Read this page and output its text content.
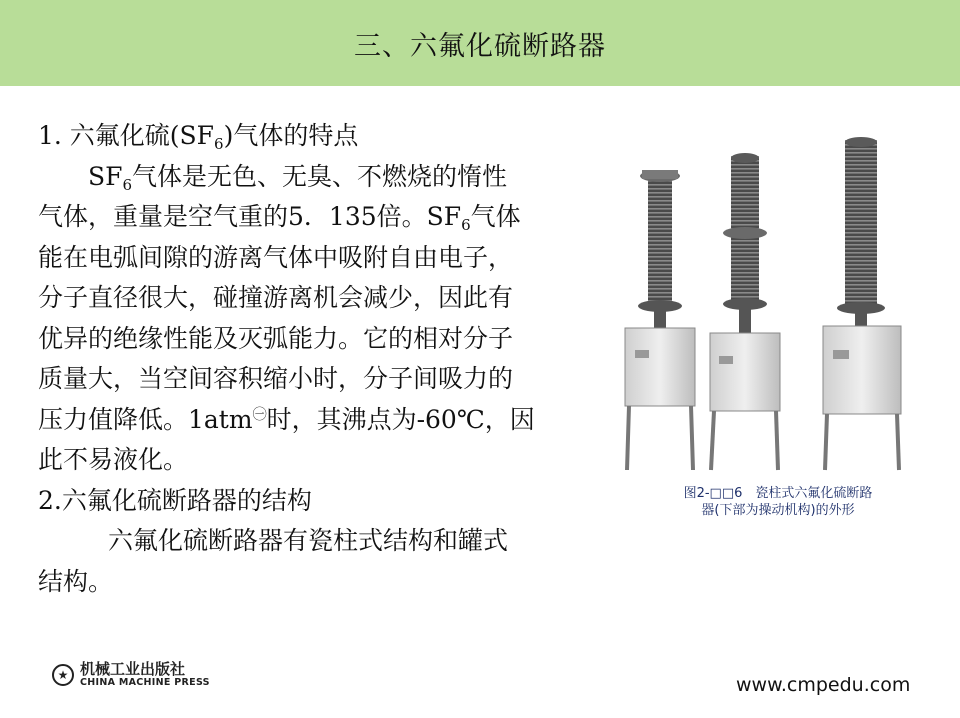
三、六氟化硫断路器

1. 六氟化硫$(SF_6)$气体的特点

$SF_6$气体是无色、无臭、不燃烧的惰性

气体，重量是空气重的5．135倍。$SF_6$气体

能在电弧间隙的游离气体中吸附自由电子，

分子直径很大，碰撞游离机会减少，因此有

优异的绝缘性能及灭弧能力。它的相对分子

质量大，当空间容积缩小时，分子间吸力的

压力值降低。1atm$^㊀$时，其沸点为-60℃，因

此不易液化。

2.六氟化硫断路器的结构

六氟化硫断路器有瓷柱式结构和罐式

结构。

图2-□□6　瓷柱式六氟化硫断路
器(下部为操动机构)的外形
★ 机械工业出版社
CHINA MACHINE PRESS	www.cmpedu.com
